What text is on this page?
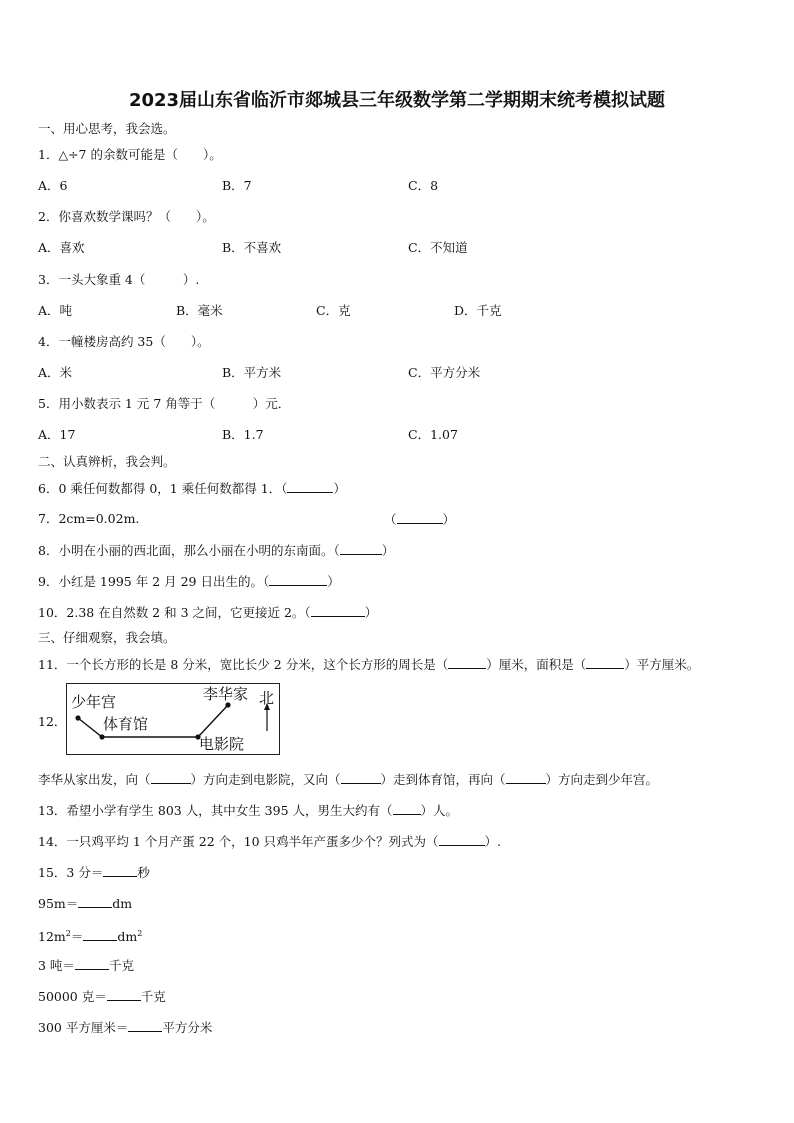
2023届山东省临沂市郯城县三年级数学第二学期期末统考模拟试题
一、用心思考，我会选。
1．△÷7 的余数可能是（　　）。
A．6	B．7	C．8
2．你喜欢数学课吗？（　　）。
A．喜欢	B．不喜欢	C．不知道
3．一头大象重 4（　　　）.
A．吨	B．毫米	C．克	D．千克
4．一幢楼房高约 35（　　）。
A．米	B．平方米	C．平方分米
5．用小数表示 1 元 7 角等于（　　　）元．
A．17	B．1.7	C．1.07
二、认真辨析，我会判。
6．0 乘任何数都得 0，1 乘任何数都得 1．（	）
7．2cm=0.02m.	（	）
8．小明在小丽的西北面，那么小丽在小明的东南面。（	）
9．小红是 1995 年 2 月 29 日出生的。（	）
10．2.38 在自然数 2 和 3 之间，它更接近 2。（	）
三、仔细观察，我会填。
11．一个长方形的长是 8 分米，宽比长少 2 分米，这个长方形的周长是（	）厘米，面积是（	）平方厘米。
12．
少年宫
体育馆
李华家 北
电影院
李华从家出发，向（	）方向走到电影院，又向（	）走到体育馆，再向（	）方向走到少年宫。
13．希望小学有学生 803 人，其中女生 395 人，男生大约有（ ）人。
14．一只鸡平均 1 个月产蛋 22 个，10 只鸡半年产蛋多少个？列式为（	）.
15．3 分＝	秒
95m＝	dm
$12m^2=$	$dm^2$
3 吨＝	千克
50000 克＝	千克
300 平方厘米＝	平方分米
